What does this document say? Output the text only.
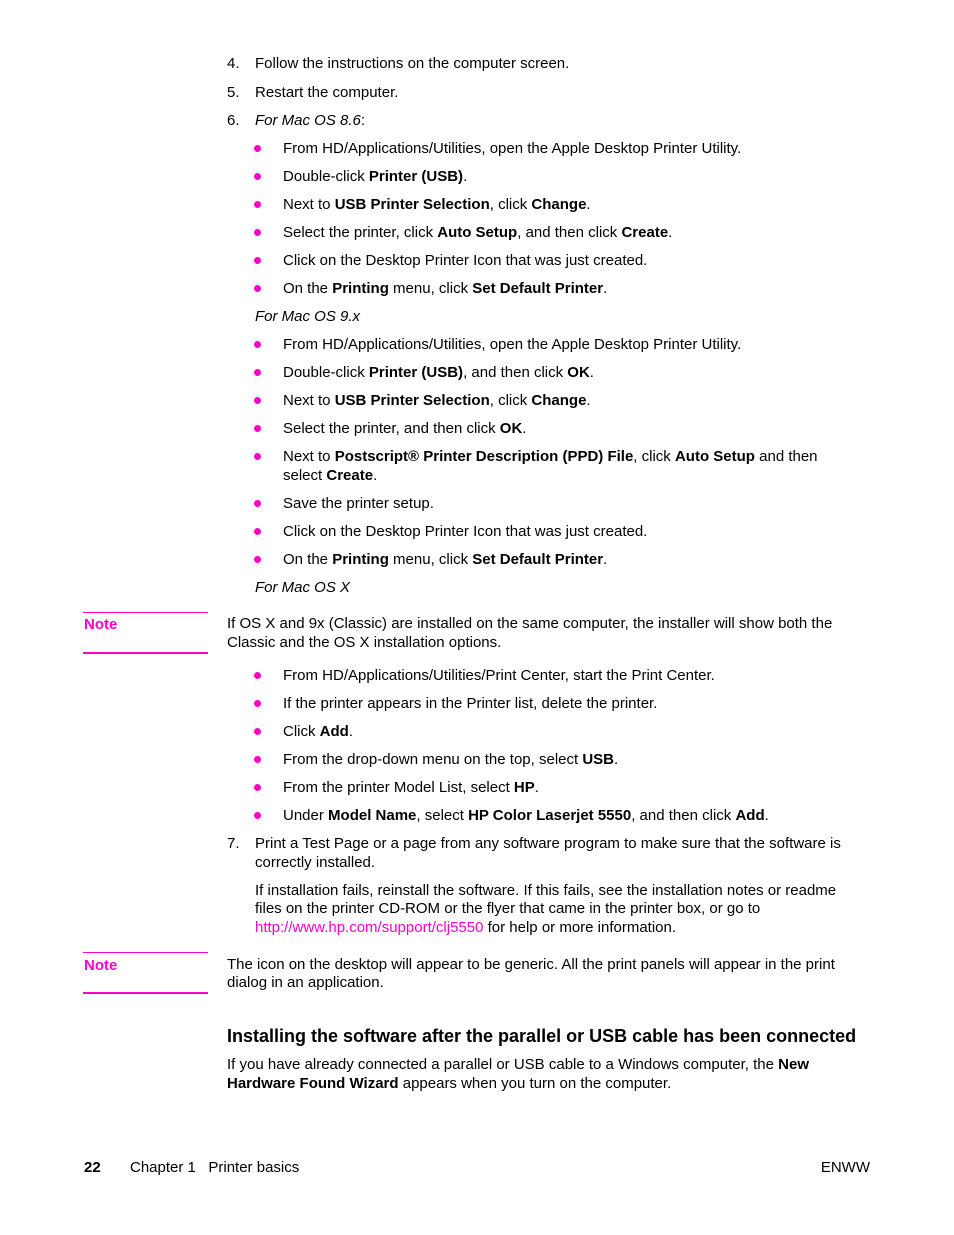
4. Follow the instructions on the computer screen.
5. Restart the computer.
6. For Mac OS 8.6:
From HD/Applications/Utilities, open the Apple Desktop Printer Utility.
Double-click Printer (USB).
Next to USB Printer Selection, click Change.
Select the printer, click Auto Setup, and then click Create.
Click on the Desktop Printer Icon that was just created.
On the Printing menu, click Set Default Printer.
For Mac OS 9.x
From HD/Applications/Utilities, open the Apple Desktop Printer Utility.
Double-click Printer (USB), and then click OK.
Next to USB Printer Selection, click Change.
Select the printer, and then click OK.
Next to Postscript® Printer Description (PPD) File, click Auto Setup and then
select Create.
Save the printer setup.
Click on the Desktop Printer Icon that was just created.
On the Printing menu, click Set Default Printer.
For Mac OS X
Note	If OS X and 9x (Classic) are installed on the same computer, the installer will show both the
Classic and the OS X installation options.
From HD/Applications/Utilities/Print Center, start the Print Center.
If the printer appears in the Printer list, delete the printer.
Click Add.
From the drop-down menu on the top, select USB.
From the printer Model List, select HP.
Under Model Name, select HP Color Laserjet 5550, and then click Add.
7. Print a Test Page or a page from any software program to make sure that the software is
correctly installed.
If installation fails, reinstall the software. If this fails, see the installation notes or readme
files on the printer CD-ROM or the flyer that came in the printer box, or go to
http://www.hp.com/support/clj5550 for help or more information.
Note	The icon on the desktop will appear to be generic. All the print panels will appear in the print
dialog in an application.
Installing the software after the parallel or USB cable has been connected
If you have already connected a parallel or USB cable to a Windows computer, the New
Hardware Found Wizard appears when you turn on the computer.
22 Chapter 1   Printer basics	ENWW
